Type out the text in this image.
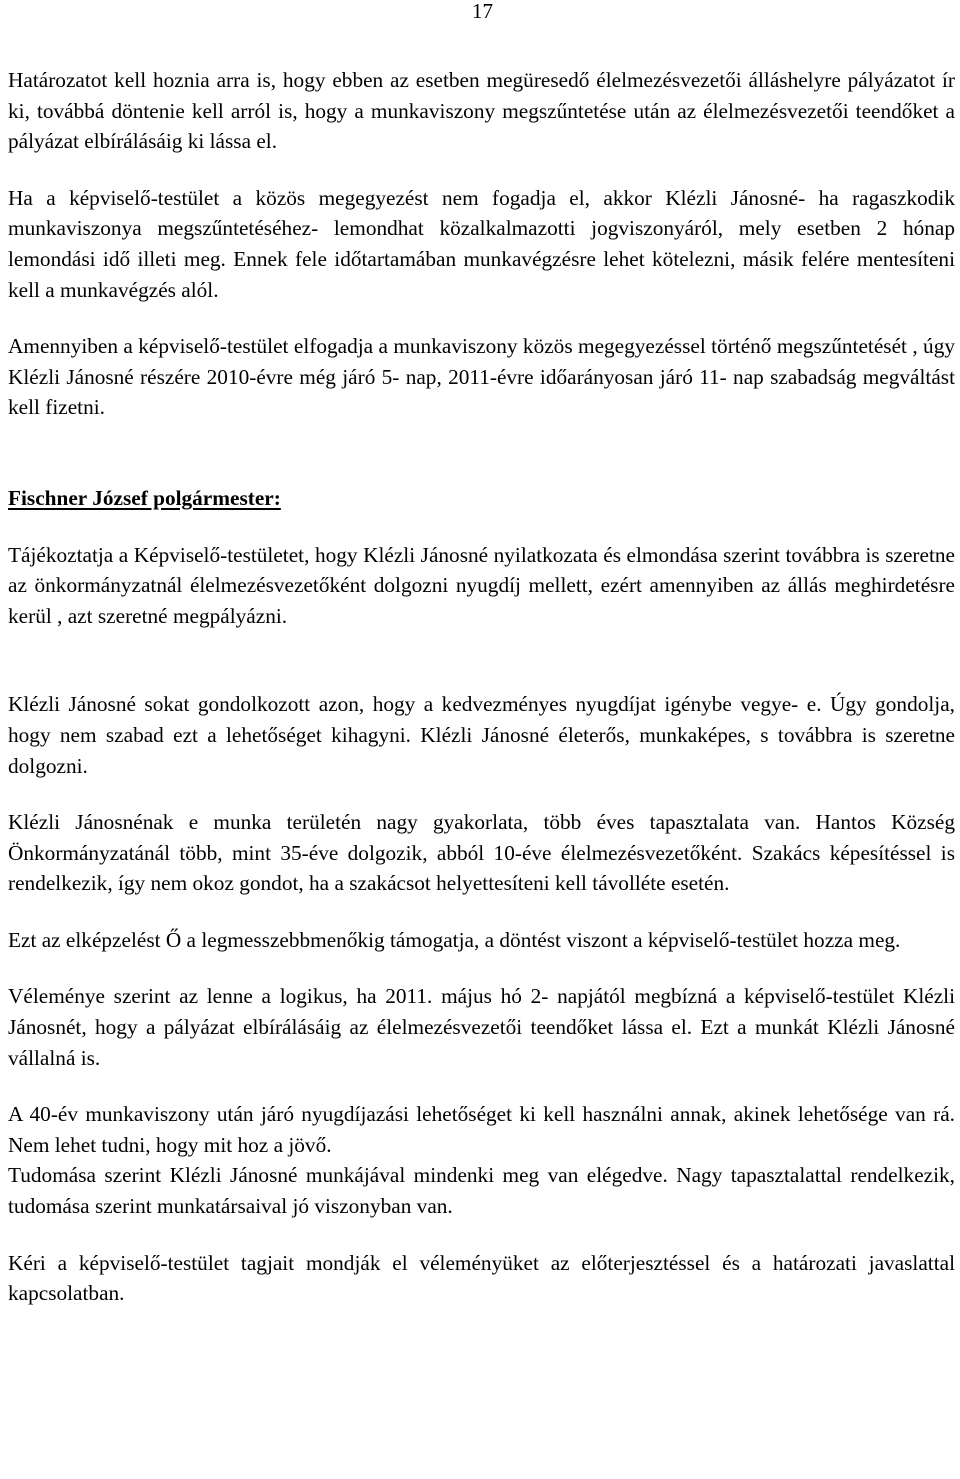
17

Határozatot kell hoznia arra is, hogy ebben az esetben megüresedő élelmezésvezetői álláshelyre pályázatot ír ki, továbbá döntenie kell arról is, hogy a munkaviszony megszűntetése után az élelmezésvezetői teendőket a pályázat elbírálásáig ki lássa el.

Ha a képviselő-testület a közös megegyezést nem fogadja el, akkor Klézli Jánosné- ha ragaszkodik munkaviszonya megszűntetéséhez- lemondhat közalkalmazotti jogviszonyáról, mely esetben 2 hónap lemondási idő illeti meg. Ennek fele időtartamában munkavégzésre lehet kötelezni, másik felére mentesíteni kell a munkavégzés alól.

Amennyiben a képviselő-testület elfogadja a munkaviszony közös megegyezéssel történő megszűntetését , úgy Klézli Jánosné részére 2010-évre még járó 5- nap, 2011-évre időarányosan járó 11- nap szabadság megváltást kell fizetni.

Fischner József polgármester:

Tájékoztatja a Képviselő-testületet, hogy Klézli Jánosné nyilatkozata és elmondása szerint továbbra is szeretne az önkormányzatnál élelmezésvezetőként dolgozni nyugdíj mellett, ezért amennyiben az állás meghirdetésre kerül , azt szeretné megpályázni.

Klézli Jánosné sokat gondolkozott azon, hogy a kedvezményes nyugdíjat igénybe vegye- e. Úgy gondolja, hogy nem szabad ezt a lehetőséget kihagyni. Klézli Jánosné életerős, munkaképes, s továbbra is szeretne dolgozni.

Klézli Jánosnénak e munka területén nagy gyakorlata, több éves tapasztalata van. Hantos Község Önkormányzatánál több, mint 35-éve dolgozik, abból 10-éve élelmezésvezetőként. Szakács képesítéssel is rendelkezik, így nem okoz gondot, ha a szakácsot helyettesíteni kell távolléte esetén.

Ezt az elképzelést Ő a legmesszebbmenőkig támogatja, a döntést viszont a képviselő-testület hozza meg.

Véleménye szerint az lenne a logikus, ha 2011. május hó 2- napjától megbízná a képviselő-testület Klézli Jánosnét, hogy a pályázat elbírálásáig az élelmezésvezetői teendőket lássa el. Ezt a munkát Klézli Jánosné vállalná is.

A 40-év munkaviszony után járó nyugdíjazási lehetőséget ki kell használni annak, akinek lehetősége van rá. Nem lehet tudni, hogy mit hoz a jövő.

Tudomása szerint Klézli Jánosné munkájával mindenki meg van elégedve. Nagy tapasztalattal rendelkezik, tudomása szerint munkatársaival jó viszonyban van.

Kéri a képviselő-testület tagjait mondják el véleményüket az előterjesztéssel és a határozati javaslattal kapcsolatban.
